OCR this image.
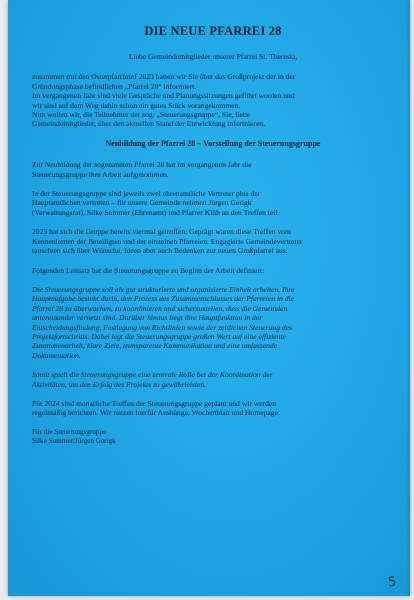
DIE NEUE PFARREI 28
Liebe Gemeindemitglieder unserer Pfarrei St. Theresia,

zusammen mit den Osterpfarrbrief 2023 hatten wir Sie über das Großprojekt der in der

Gründungsphase befindlichen „Pfarrei 28“ informiert.

Im vergangenen Jahr sind viele Gespräche und Planungssitzungen geführt worden und

wir sind auf dem Weg dahin schon ein gutes Stück vorangekommen.

Nun wollen wir, die Teilnehmer der sog. „Steuerungsgruppe“, Sie, liebe

Gemeindemitglieder, über den aktuellen Stand der Entwicklung informieren.

Neubildung der Pfarrei 28 – Vorstellung der Steuerungsgruppe

Zur Neubildung der sogenannten Pfarrei 28 hat im vergangenen Jahr die

Steuerungsgruppe ihre Arbeit aufgenommen.

In der Steuerungsgruppe sind jeweils zwei ehrenamtliche Vertreter plus der

Hauptamtlichen vertreten – für unsere Gemeinde nehmen Jürgen Gerigk

(Verwaltungsrat), Silke Sommer (Ehrenamt) und Pfarrer Klüh an den Treffen teil.

2023 hat sich die Gruppe bereits viermal getroffen. Geprägt waren diese Treffen vom

Kennenlernen der Beteiligten und der einzelnen Pfarreien. Engagierte Gemeindevertreter

tauschten sich über Wünsche, Ideen aber auch Bedenken zur neuen Großpfarrei aus.

Folgenden Leitsatz hat die Steuerungsgruppe zu Beginn der Arbeit definiert:

Die Steuerungsgruppe soll als gut strukturierte und organisierte Einheit arbeiten. Ihre

Hauptaufgabe besteht darin, den Prozess des Zusammenschlusses der Pfarreien in die

Pfarrei 28 zu überwachen, zu koordinieren und sicherzustellen, dass die Gemeinden

untereinander vernetzt sind. Darüber hinaus liegt ihre Hauptfunktion in der

Entscheidungsfindung, Festlegung von Richtlinien sowie der zeitlichen Steuerung des

Projektfortschritts. Dabei legt die Steuerungsgruppe großen Wert auf eine effiziente

Zusammenarbeit, klare Ziele, transparente Kommunikation und eine umfassende

Dokumentation.

Somit spielt die Steuerungsgruppe eine zentrale Rolle bei der Koordination der

Aktivitäten, um den Erfolg des Projekts zu gewährleisten.

Für 2024 sind monatliche Treffen der Steuerungsgruppe geplant und wir werden

regelmäßig berichten. Wir nutzen hierfür Aushänge, Wochenblatt und Homepage.

Für die Steuerungsgruppe

Silke Sommer/Jürgen Gerigk

5
